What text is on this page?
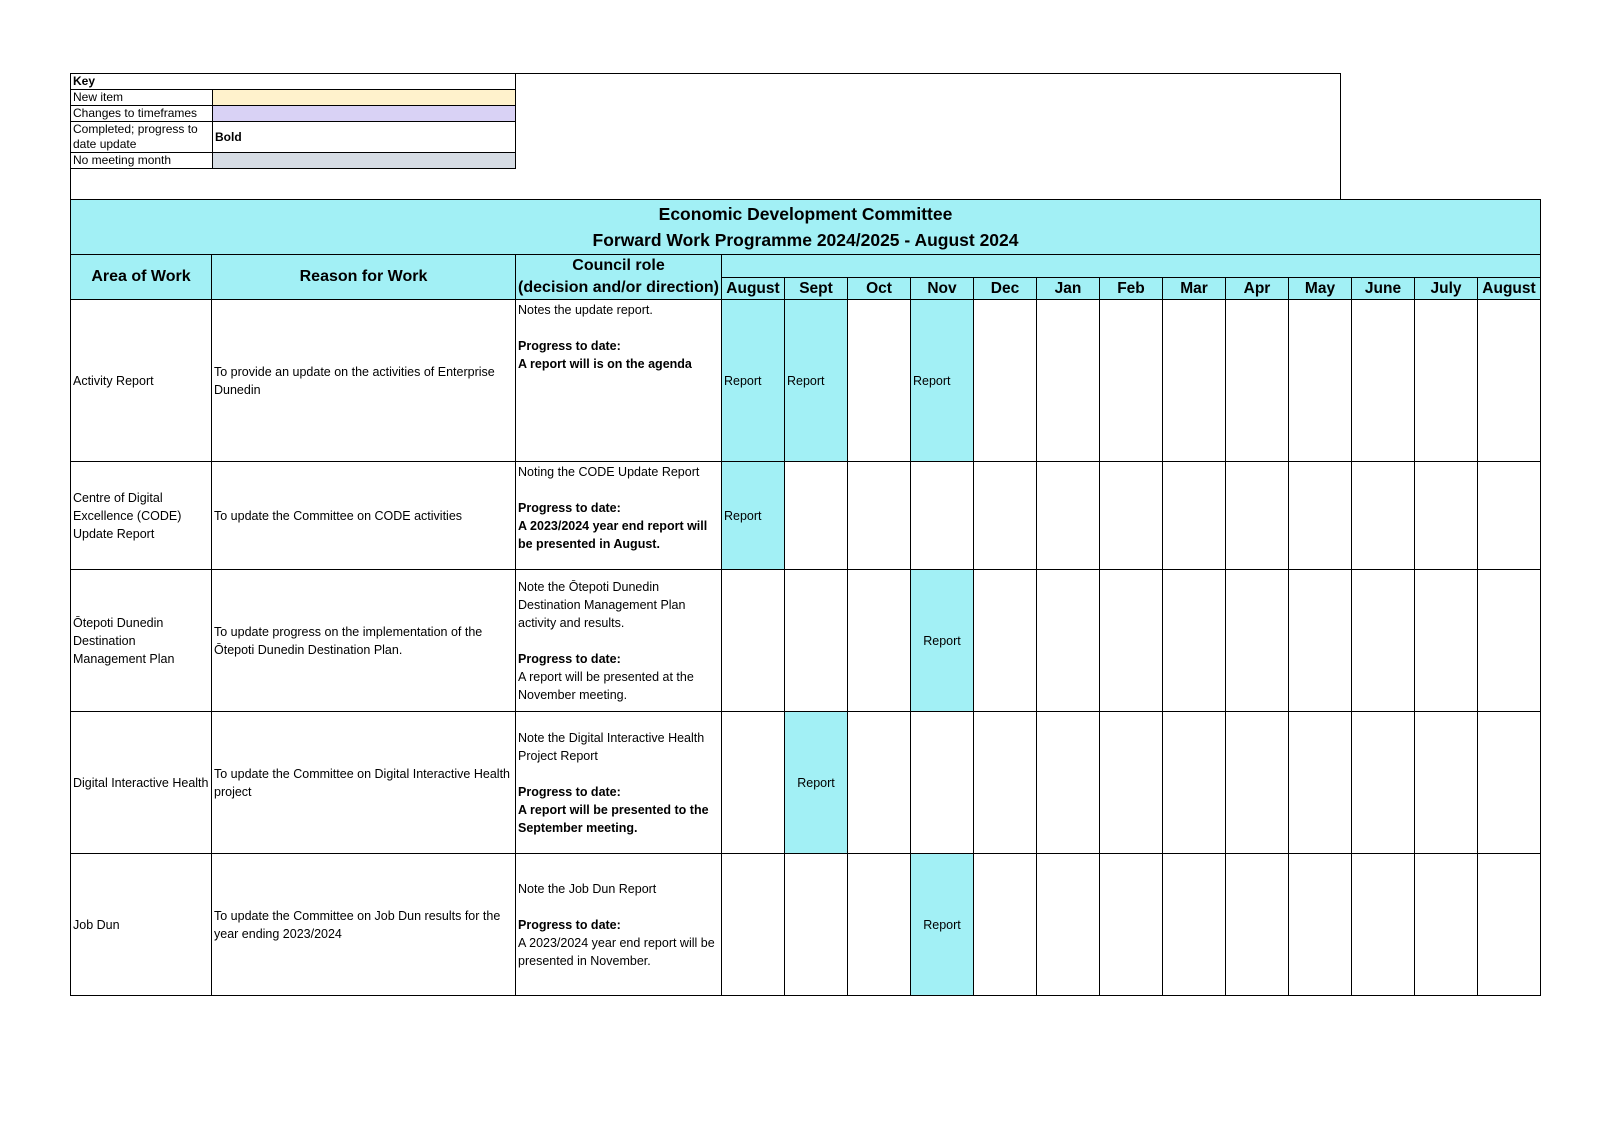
Key	
New item	
Changes to timeframes	
Completed; progress to date update	Bold
No meeting month	
Economic Development Committee
Forward Work Programme 2024/2025 - August 2024															

Area of Work	Reason for Work	Council role
(decision and/or direction)													

			August	Sept	Oct	Nov	Dec	Jan	Feb	Mar	Apr	May	June	July	August
Activity Report	To provide an update on the activities of Enterprise Dunedin	Notes the update report.
Progress to date:
A report will is on the agenda	Report	Report		Report									
Centre of Digital Excellence (CODE) Update Report	To update the Committee on CODE activities	Noting the CODE Update Report
Progress to date:
A 2023/2024 year end report will be presented in August.	Report												
Ōtepoti Dunedin Destination Management Plan	To update progress on the implementation of the Ōtepoti Dunedin Destination Plan.	Note the Ōtepoti Dunedin Destination Management Plan activity and results.
Progress to date:
A report will be presented at the November meeting.				Report									
Digital Interactive Health	To update the Committee on Digital Interactive Health project	Note the Digital Interactive Health Project Report
Progress to date:
A report will be presented to the September meeting.		Report											
Job Dun	To update the Committee on Job Dun results for the year ending 2023/2024	Note the Job Dun Report
Progress to date:
A 2023/2024 year end report will be presented in November.				Report									
